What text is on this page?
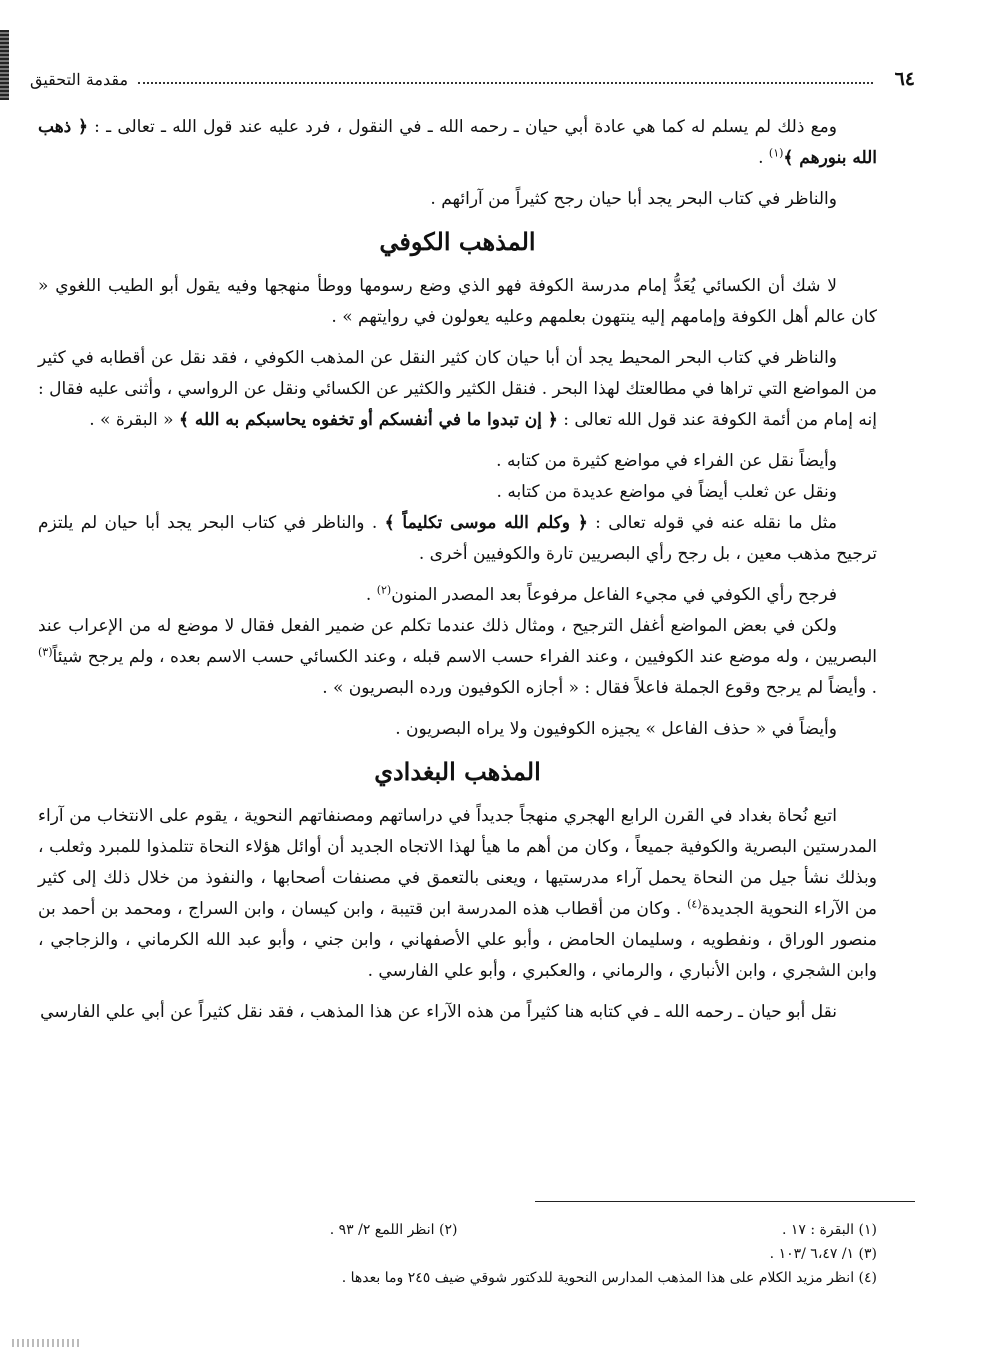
٦٤
مقدمة التحقيق

ومع ذلك لم يسلم له كما هي عادة أبي حيان ـ رحمه الله ـ في النقول ، فرد عليه عند قول الله ـ تعالى ـ : ﴿ ذهب الله بنورهم ﴾$^{(١)}$ .

والناظر في كتاب البحر يجد أبا حيان رجح كثيراً من آرائهم .

المذهب الكوفي

لا شك أن الكسائي يُعَدُّ إمام مدرسة الكوفة فهو الذي وضع رسومها ووطأ منهجها وفيه يقول أبو الطيب اللغوي « كان عالم أهل الكوفة وإمامهم إليه ينتهون بعلمهم وعليه يعولون في روايتهم » .

والناظر في كتاب البحر المحيط يجد أن أبا حيان كان كثير النقل عن المذهب الكوفي ، فقد نقل عن أقطابه في كثير من المواضع التي تراها في مطالعتك لهذا البحر . فنقل الكثير والكثير عن الكسائي ونقل عن الرواسي ، وأثنى عليه فقال : إنه إمام من أئمة الكوفة عند قول الله تعالى : ﴿ إن تبدوا ما في أنفسكم أو تخفوه يحاسبكم به الله ﴾ « البقرة » .

وأيضاً نقل عن الفراء في مواضع كثيرة من كتابه .

ونقل عن ثعلب أيضاً في مواضع عديدة من كتابه .

مثل ما نقله عنه في قوله تعالى : ﴿ وكلم الله موسى تكليماً ﴾ . والناظر في كتاب البحر يجد أبا حيان لم يلتزم ترجيح مذهب معين ، بل رجح رأي البصريين تارة والكوفيين أخرى .

فرجح رأي الكوفي في مجيء الفاعل مرفوعاً بعد المصدر المنون$^{(٢)}$ .

ولكن في بعض المواضع أغفل الترجيح ، ومثال ذلك عندما تكلم عن ضمير الفعل فقال لا موضع له من الإعراب عند البصريين ، وله موضع عند الكوفيين ، وعند الفراء حسب الاسم قبله ، وعند الكسائي حسب الاسم بعده ، ولم يرجح شيئاً$^{(٣)}$ . وأيضاً لم يرجح وقوع الجملة فاعلاً فقال : « أجازه الكوفيون ورده البصريون » .

وأيضاً في « حذف الفاعل » يجيزه الكوفيون ولا يراه البصريون .

المذهب البغدادي

اتبع نُحاة بغداد في القرن الرابع الهجري منهجاً جديداً في دراساتهم ومصنفاتهم النحوية ، يقوم على الانتخاب من آراء المدرستين البصرية والكوفية جميعاً ، وكان من أهم ما هيأ لهذا الاتجاه الجديد أن أوائل هؤلاء النحاة تتلمذوا للمبرد وثعلب ، وبذلك نشأ جيل من النحاة يحمل آراء مدرستيها ، ويعنى بالتعمق في مصنفات أصحابها ، والنفوذ من خلال ذلك إلى كثير من الآراء النحوية الجديدة$^{(٤)}$ . وكان من أقطاب هذه المدرسة ابن قتيبة ، وابن كيسان ، وابن السراج ، ومحمد بن أحمد بن منصور الوراق ، ونفطويه ، وسليمان الحامض ، وأبو علي الأصفهاني ، وابن جني ، وأبو عبد الله الكرماني ، والزجاجي ، وابن الشجري ، وابن الأنباري ، والرماني ، والعكبري ، وأبو علي الفارسي .

نقل أبو حيان ـ رحمه الله ـ في كتابه هنا كثيراً من هذه الآراء عن هذا المذهب ، فقد نقل كثيراً عن أبي علي الفارسي

(١) البقرة : ١٧ .
(٢) انظر اللمع ٢/ ٩٣ .
(٣) ١/ ٦،٤٧ /١٠٣ .
(٤) انظر مزيد الكلام على هذا المذهب المدارس النحوية للدكتور شوقي ضيف ٢٤٥ وما بعدها .
